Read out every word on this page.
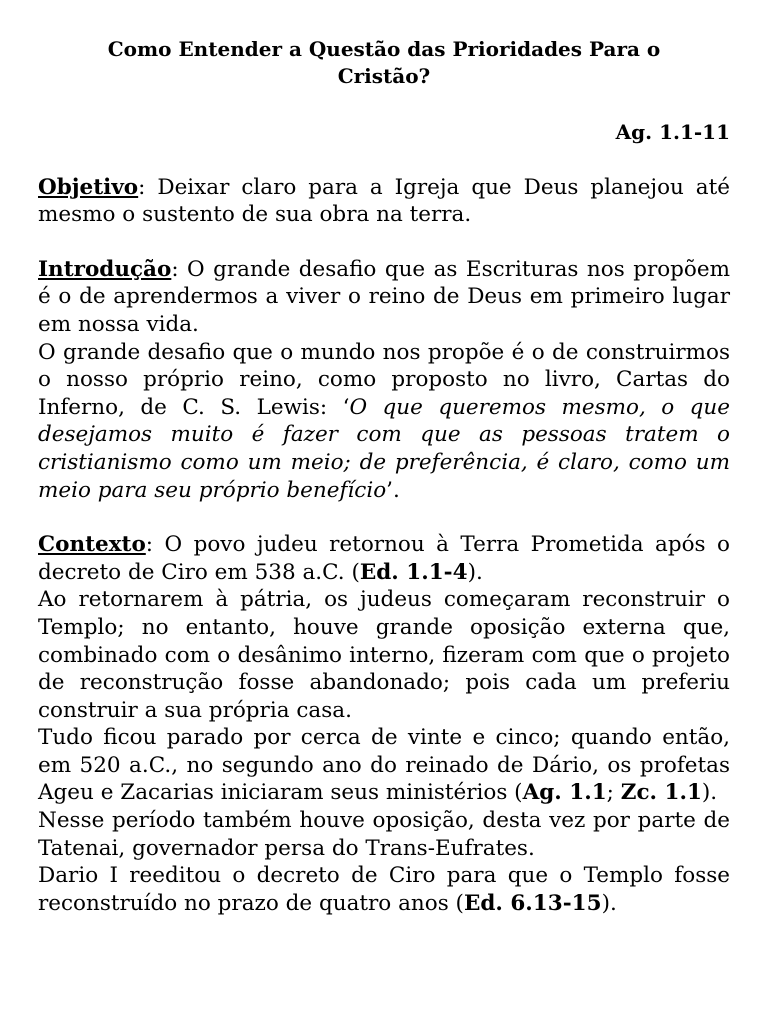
Como Entender a Questão das Prioridades Para o Cristão?
Ag. 1.1-11

Objetivo: Deixar claro para a Igreja que Deus planejou até mesmo o sustento de sua obra na terra.

Introdução: O grande desafio que as Escrituras nos propõem é o de aprendermos a viver o reino de Deus em primeiro lugar em nossa vida.

O grande desafio que o mundo nos propõe é o de construirmos o nosso próprio reino, como proposto no livro, Cartas do Inferno, de C. S. Lewis: ‘O que queremos mesmo, o que desejamos muito é fazer com que as pessoas tratem o cristianismo como um meio; de preferência, é claro, como um meio para seu próprio benefício’.

Contexto: O povo judeu retornou à Terra Prometida após o decreto de Ciro em 538 a.C. (Ed. 1.1-4).

Ao retornarem à pátria, os judeus começaram reconstruir o Templo; no entanto, houve grande oposição externa que, combinado com o desânimo interno, fizeram com que o projeto de reconstrução fosse abandonado; pois cada um preferiu construir a sua própria casa.

Tudo ficou parado por cerca de vinte e cinco; quando então, em 520 a.C., no segundo ano do reinado de Dário, os profetas Ageu e Zacarias iniciaram seus ministérios (Ag. 1.1; Zc. 1.1).

Nesse período também houve oposição, desta vez por parte de Tatenai, governador persa do Trans-Eufrates.

Dario I reeditou o decreto de Ciro para que o Templo fosse reconstruído no prazo de quatro anos (Ed. 6.13-15).
